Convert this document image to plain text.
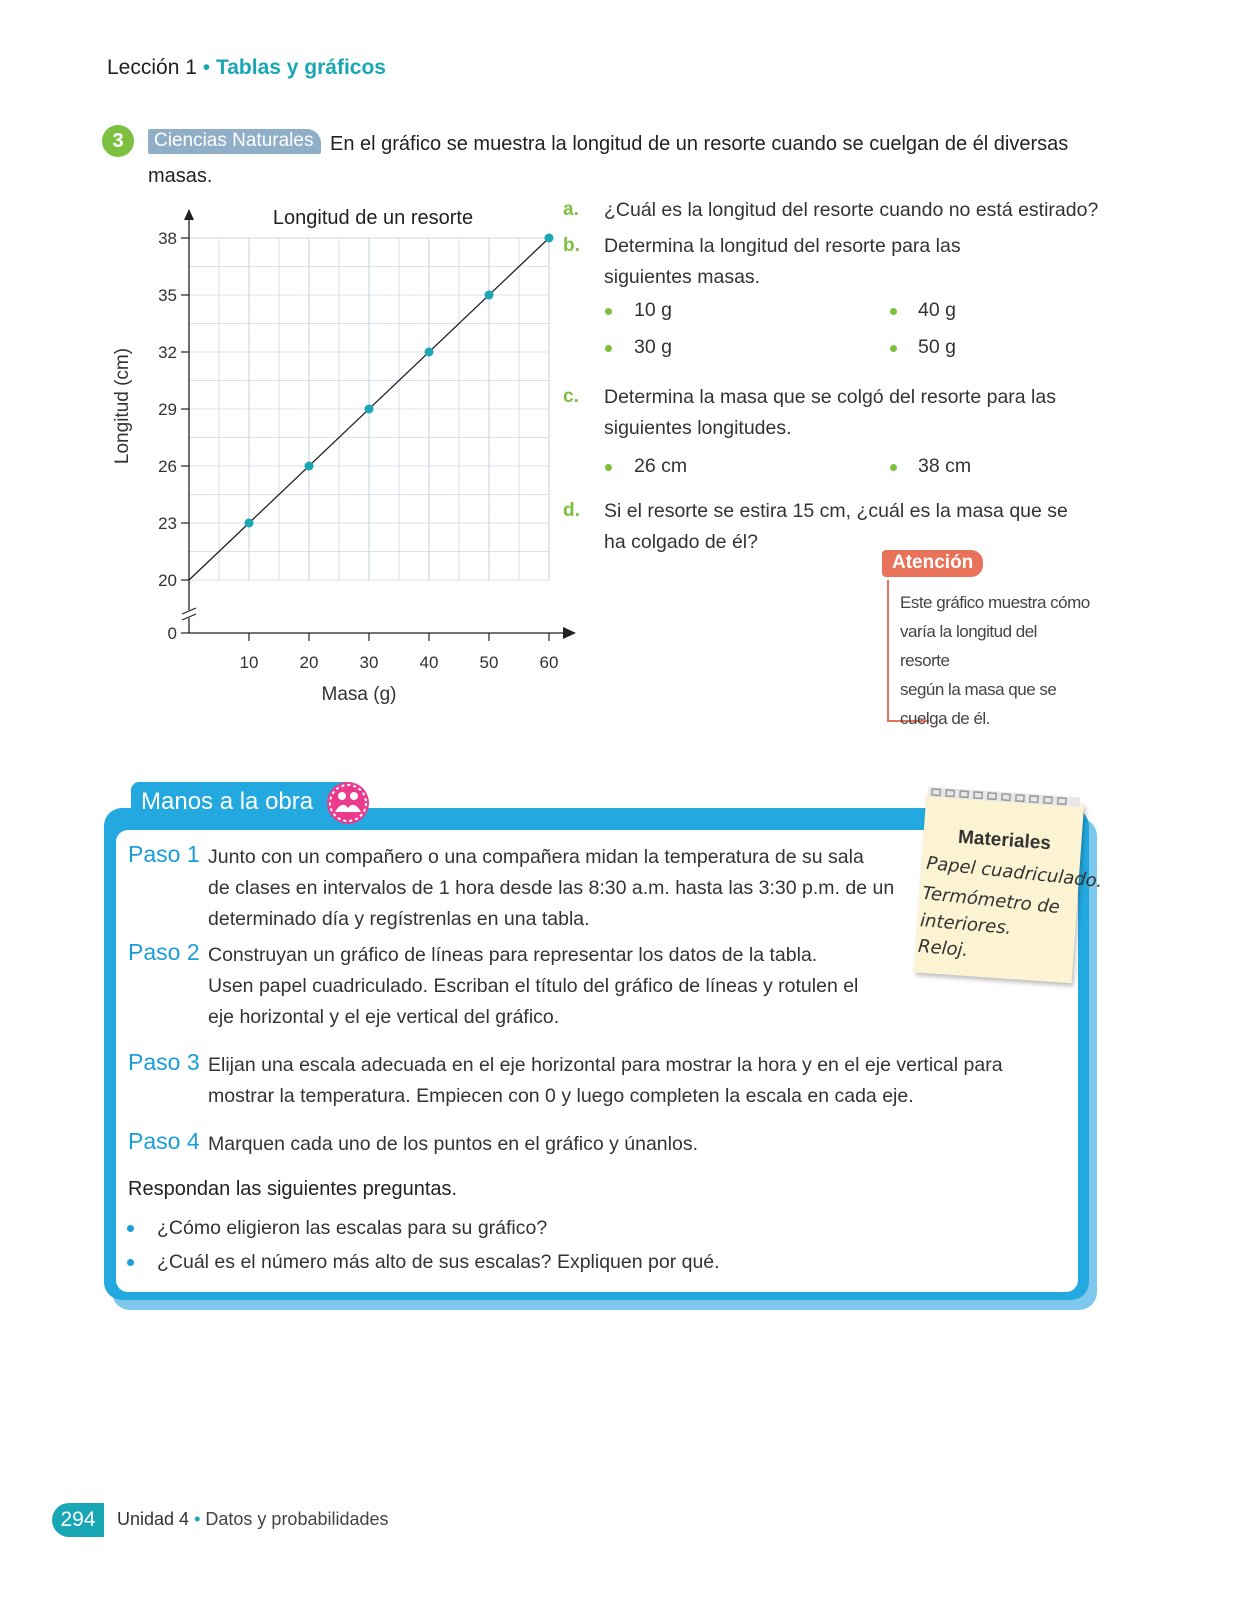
Lección 1 • Tablas y gráficos
3	En el gráfico se muestra la longitud de un resorte cuando se cuelgan de él diversas masas.
Ciencias Naturales
38
35
32
29
26
23
20
0
10 20 30 40 50 60
Longitud de un resorte
Masa (g)
Longitud (cm)
a. ¿Cuál es la longitud del resorte cuando no está estirado?
b. Determina la longitud del resorte para las
siguientes masas.
10 g	40 g
30 g	50 g
c. Determina la masa que se colgó del resorte para las
siguientes longitudes.
26 cm	38 cm
d. Si el resorte se estira 15 cm, ¿cuál es la masa que se
ha colgado de él?
Atención
Este gráfico muestra cómo
varía la longitud del resorte
según la masa que se
cuelga de él.
Manos a la obra
Paso 1 Junto con un compañero o una compañera midan la temperatura de su sala
de clases en intervalos de 1 hora desde las 8:30 a.m. hasta las 3:30 p.m. de un
determinado día y regístrenlas en una tabla.
Paso 2 Construyan un gráfico de líneas para representar los datos de la tabla.
Usen papel cuadriculado. Escriban el título del gráfico de líneas y rotulen el
eje horizontal y el eje vertical del gráfico.
Paso 3 Elijan una escala adecuada en el eje horizontal para mostrar la hora y en el eje vertical para
mostrar la temperatura. Empiecen con 0 y luego completen la escala en cada eje.
Paso 4 Marquen cada uno de los puntos en el gráfico y únanlos.
Respondan las siguientes preguntas.
¿Cómo eligieron las escalas para su gráfico?
¿Cuál es el número más alto de sus escalas? Expliquen por qué.
Materiales
Papel cuadriculado.
Termómetro de
interiores.
Reloj.
294	Unidad 4 • Datos y probabilidades
